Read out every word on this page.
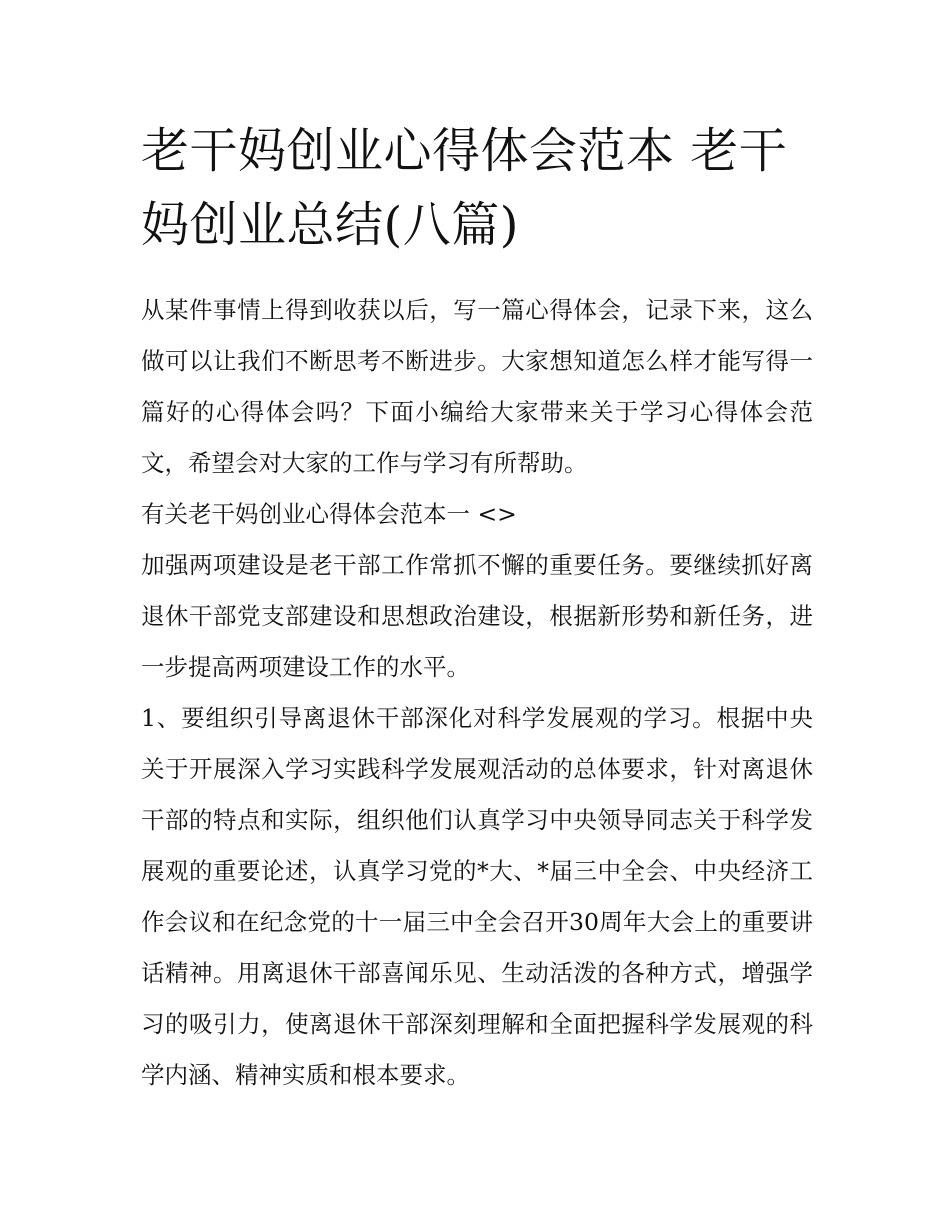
老干妈创业心得体会范本 老干妈创业总结(八篇)

从某件事情上得到收获以后，写一篇心得体会，记录下来，这么做可以让我们不断思考不断进步。大家想知道怎么样才能写得一篇好的心得体会吗？下面小编给大家带来关于学习心得体会范文，希望会对大家的工作与学习有所帮助。

有关老干妈创业心得体会范本一 <>

加强两项建设是老干部工作常抓不懈的重要任务。要继续抓好离退休干部党支部建设和思想政治建设，根据新形势和新任务，进一步提高两项建设工作的水平。

1、要组织引导离退休干部深化对科学发展观的学习。根据中央关于开展深入学习实践科学发展观活动的总体要求，针对离退休干部的特点和实际，组织他们认真学习中央领导同志关于科学发展观的重要论述，认真学习党的*大、*届三中全会、中央经济工作会议和在纪念党的十一届三中全会召开30周年大会上的重要讲话精神。用离退休干部喜闻乐见、生动活泼的各种方式，增强学习的吸引力，使离退休干部深刻理解和全面把握科学发展观的科学内涵、精神实质和根本要求。
